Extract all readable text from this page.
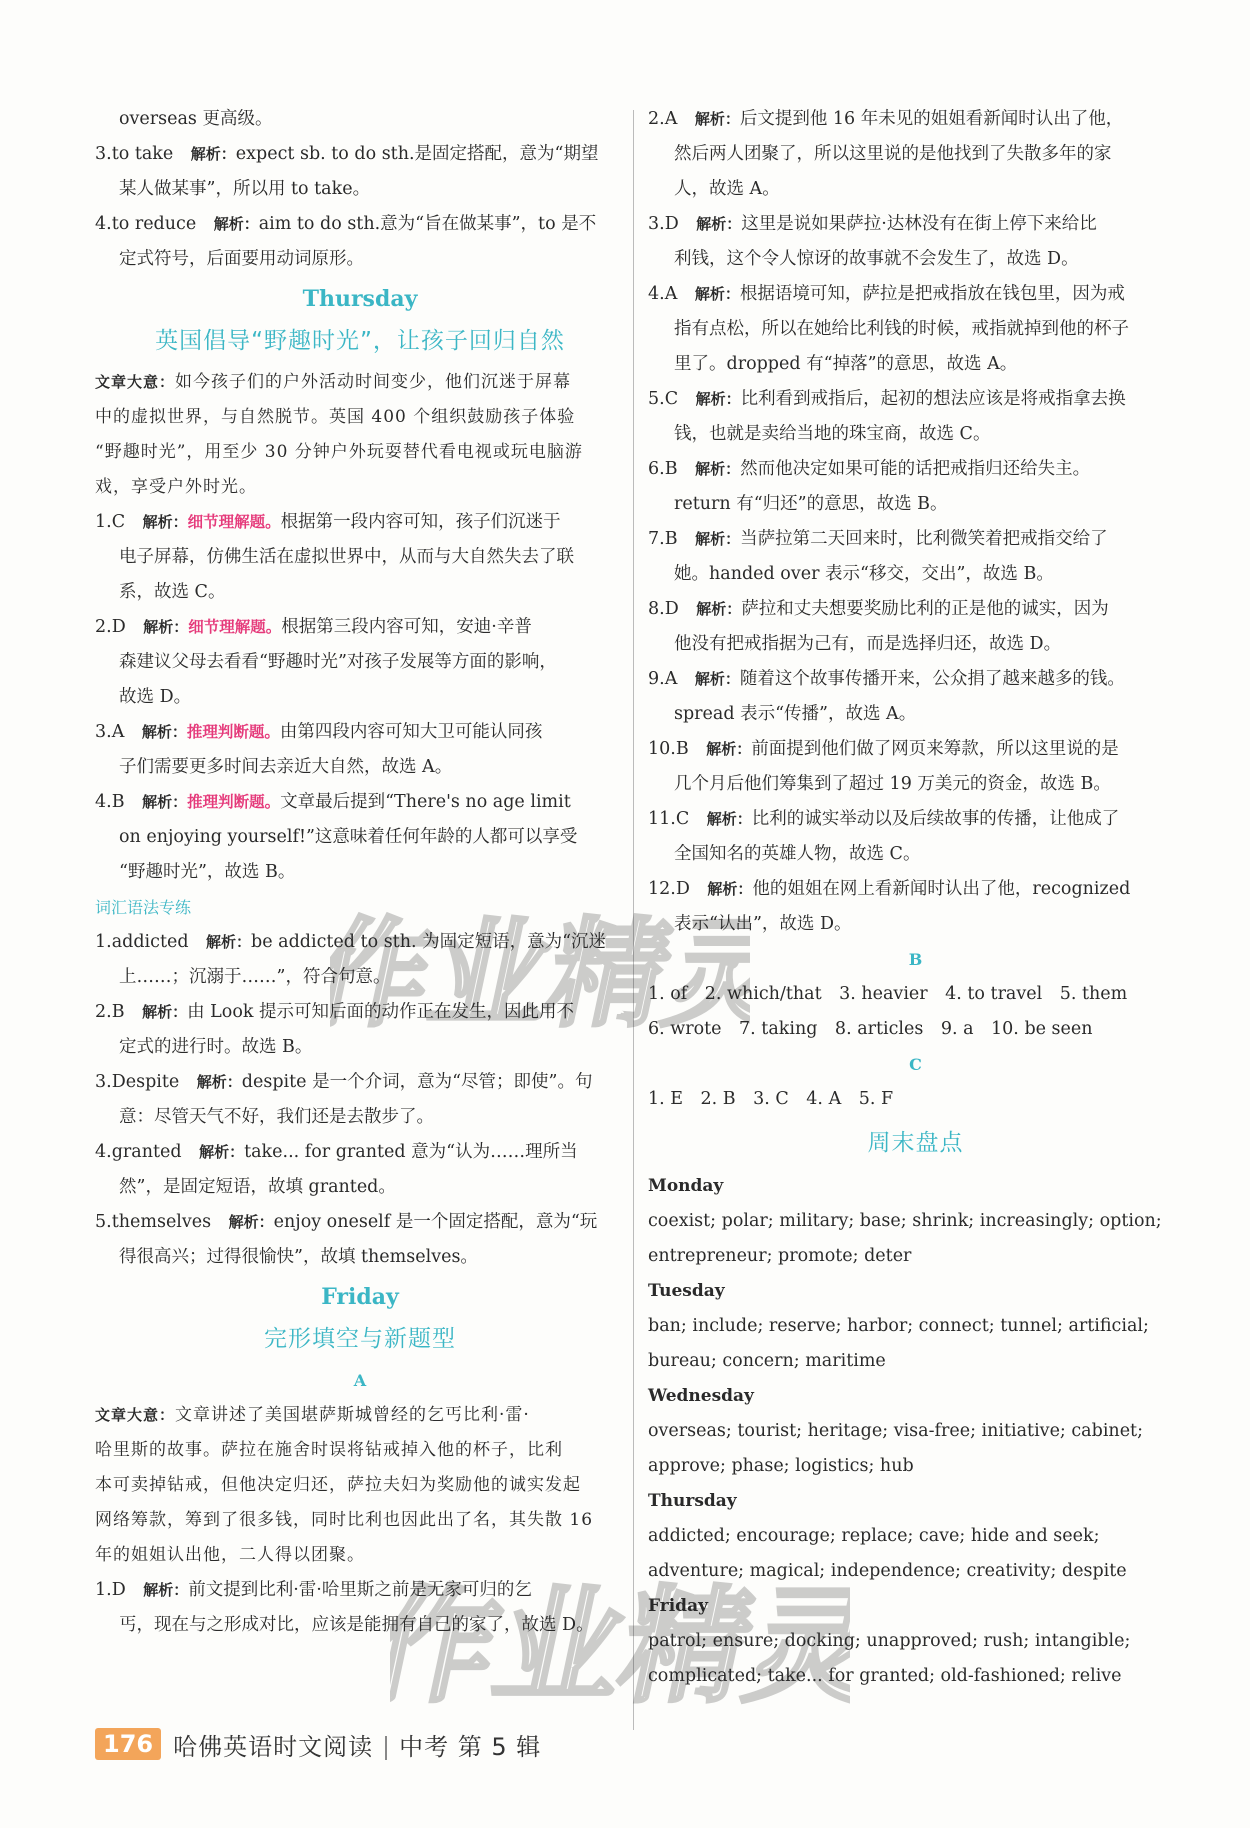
overseas 更高级。
3.to take　 解析：expect sb. to do sth.是固定搭配，意为“期望
某人做某事”，所以用 to take。
4.to reduce　 解析：aim to do sth.意为“旨在做某事”，to 是不
定式符号，后面要用动词原形。
Thursday
英国倡导“野趣时光”，让孩子回归自然
文章大意：如今孩子们的户外活动时间变少，他们沉迷于屏幕
中的虚拟世界，与自然脱节。英国 400 个组织鼓励孩子体验
“野趣时光”，用至少 30 分钟户外玩耍替代看电视或玩电脑游
戏，享受户外时光。
1.C　 解析：细节理解题。根据第一段内容可知，孩子们沉迷于
电子屏幕，仿佛生活在虚拟世界中，从而与大自然失去了联
系，故选 C。
2.D　 解析：细节理解题。根据第三段内容可知，安迪·辛普
森建议父母去看看“野趣时光”对孩子发展等方面的影响，
故选 D。
3.A　 解析：推理判断题。由第四段内容可知大卫可能认同孩
子们需要更多时间去亲近大自然，故选 A。
4.B　 解析：推理判断题。文章最后提到“There's no age limit
on enjoying yourself!”这意味着任何年龄的人都可以享受
“野趣时光”，故选 B。
词汇语法专练
1.addicted　 解析：be addicted to sth. 为固定短语，意为“沉迷
上……；沉溺于……”，符合句意。
2.B　 解析：由 Look 提示可知后面的动作正在发生，因此用不
定式的进行时。故选 B。
3.Despite　 解析：despite 是一个介词，意为“尽管；即使”。句
意：尽管天气不好，我们还是去散步了。
4.granted　 解析：take... for granted 意为“认为……理所当
然”，是固定短语，故填 granted。
5.themselves　 解析：enjoy oneself 是一个固定搭配，意为“玩
得很高兴；过得很愉快”，故填 themselves。
Friday
完形填空与新题型
A
文章大意：文章讲述了美国堪萨斯城曾经的乞丐比利·雷·
哈里斯的故事。萨拉在施舍时误将钻戒掉入他的杯子，比利
本可卖掉钻戒，但他决定归还，萨拉夫妇为奖励他的诚实发起
网络筹款，筹到了很多钱，同时比利也因此出了名，其失散 16
年的姐姐认出他，二人得以团聚。
1.D　 解析：前文提到比利·雷·哈里斯之前是无家可归的乞
丐，现在与之形成对比，应该是能拥有自己的家了，故选 D。
2.A　 解析：后文提到他 16 年未见的姐姐看新闻时认出了他，
然后两人团聚了，所以这里说的是他找到了失散多年的家
人，故选 A。
3.D　 解析：这里是说如果萨拉·达林没有在街上停下来给比
利钱，这个令人惊讶的故事就不会发生了，故选 D。
4.A　 解析：根据语境可知，萨拉是把戒指放在钱包里，因为戒
指有点松，所以在她给比利钱的时候，戒指就掉到他的杯子
里了。dropped 有“掉落”的意思，故选 A。
5.C　 解析：比利看到戒指后，起初的想法应该是将戒指拿去换
钱，也就是卖给当地的珠宝商，故选 C。
6.B　 解析：然而他决定如果可能的话把戒指归还给失主。
return 有“归还”的意思，故选 B。
7.B　 解析：当萨拉第二天回来时，比利微笑着把戒指交给了
她。handed over 表示“移交，交出”，故选 B。
8.D　 解析：萨拉和丈夫想要奖励比利的正是他的诚实，因为
他没有把戒指据为己有，而是选择归还，故选 D。
9.A　 解析：随着这个故事传播开来，公众捐了越来越多的钱。
spread 表示“传播”，故选 A。
10.B　 解析：前面提到他们做了网页来筹款，所以这里说的是
几个月后他们筹集到了超过 19 万美元的资金，故选 B。
11.C　 解析：比利的诚实举动以及后续故事的传播，让他成了
全国知名的英雄人物，故选 C。
12.D　 解析：他的姐姐在网上看新闻时认出了他，recognized
表示“认出”，故选 D。
B
1. of　2. which/that　3. heavier　4. to travel　5. them
6. wrote　7. taking　8. articles　9. a　10. be seen
C
1. E　2. B　3. C　4. A　5. F
周末盘点
Monday
coexist; polar; military; base; shrink; increasingly; option;
entrepreneur; promote; deter
Tuesday
ban; include; reserve; harbor; connect; tunnel; artificial;
bureau; concern; maritime
Wednesday
overseas; tourist; heritage; visa-free; initiative; cabinet;
approve; phase; logistics; hub
Thursday
addicted; encourage; replace; cave; hide and seek;
adventure; magical; independence; creativity; despite
Friday
patrol; ensure; docking; unapproved; rush; intangible;
complicated; take... for granted; old-fashioned; relive
176 哈佛英语时文阅读 中考 第 5 辑
作业精灵
作业精灵
